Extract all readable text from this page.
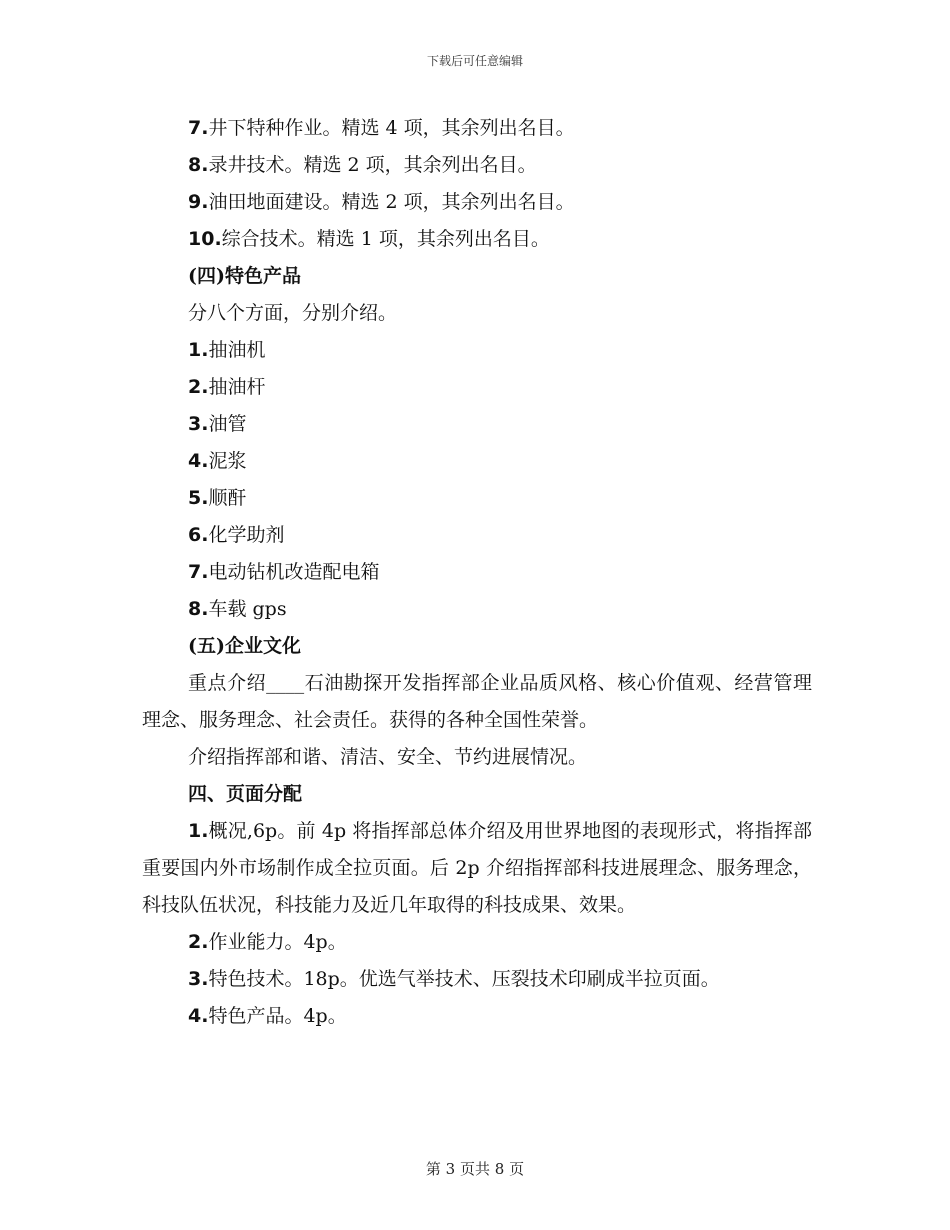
下载后可任意编辑
7.井下特种作业。精选 4 项，其余列出名目。
8.录井技术。精选 2 项，其余列出名目。
9.油田地面建设。精选 2 项，其余列出名目。
10.综合技术。精选 1 项，其余列出名目。
(四)特色产品
分八个方面，分别介绍。
1.抽油机
2.抽油杆
3.油管
4.泥浆
5.顺酐
6.化学助剂
7.电动钻机改造配电箱
8.车载 gps
(五)企业文化
重点介绍____石油勘探开发指挥部企业品质风格、核心价值观、经营管理理念、服务理念、社会责任。获得的各种全国性荣誉。
介绍指挥部和谐、清洁、安全、节约进展情况。
四、页面分配
1.概况,6p。前 4p 将指挥部总体介绍及用世界地图的表现形式，将指挥部重要国内外市场制作成全拉页面。后 2p 介绍指挥部科技进展理念、服务理念，科技队伍状况，科技能力及近几年取得的科技成果、效果。
2.作业能力。4p。
3.特色技术。18p。优选气举技术、压裂技术印刷成半拉页面。
4.特色产品。4p。
第 3 页共 8 页
